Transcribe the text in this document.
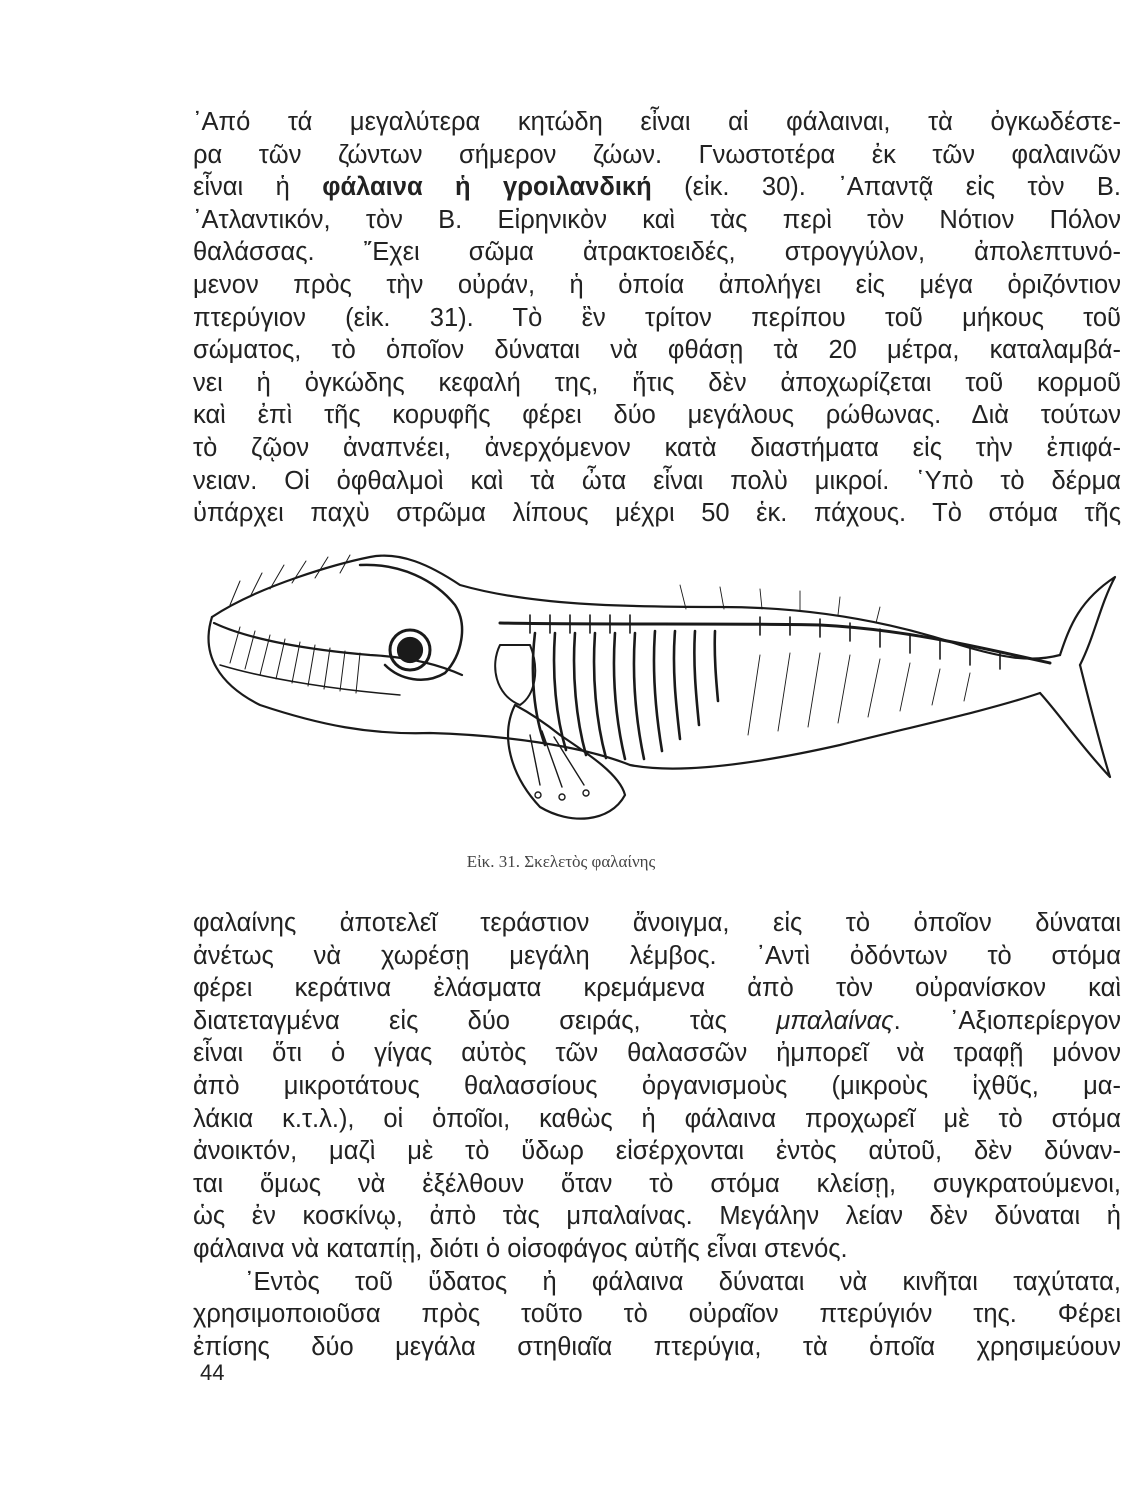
᾿Από τά μεγαλύτερα κητώδη εἶναι αἱ φάλαιναι, τὰ ὀγκωδέστε-
ρα τῶν ζώντων σήμερον ζώων. Γνωστοτέρα ἐκ τῶν φαλαινῶν
εἶναι ἡ φάλαινα ἡ γροιλανδική (εἰκ. 30). ᾿Απαντᾷ εἰς τὸν Β.
᾿Ατλαντικόν, τὸν Β. Εἰρηνικὸν καὶ τὰς περὶ τὸν Νότιον Πόλον
θαλάσσας. ῎Εχει σῶμα ἀτρακτοειδές, στρογγύλον, ἀπολεπτυνό-
μενον πρὸς τὴν οὐράν, ἡ ὁποία ἀπολήγει εἰς μέγα ὁριζόντιον
πτερύγιον (εἰκ. 31). Τὸ ἓν τρίτον περίπου τοῦ μήκους τοῦ
σώματος, τὸ ὁποῖον δύναται νὰ φθάσῃ τὰ 20 μέτρα, καταλαμβά-
νει ἡ ὀγκώδης κεφαλή της, ἥτις δὲν ἀποχωρίζεται τοῦ κορμοῦ
καὶ ἐπὶ τῆς κορυφῆς φέρει δύο μεγάλους ρώθωνας. Διὰ τούτων
τὸ ζῷον ἀναπνέει, ἀνερχόμενον κατὰ διαστήματα εἰς τὴν ἐπιφά-
νειαν. Οἱ ὀφθαλμοὶ καὶ τὰ ὦτα εἶναι πολὺ μικροί. ῾Υπὸ τὸ δέρμα
ὑπάρχει παχὺ στρῶμα λίπους μέχρι 50 ἑκ. πάχους. Τὸ στόμα τῆς
Εἰκ. 31. Σκελετὸς φαλαίνης
φαλαίνης ἀποτελεῖ τεράστιον ἄνοιγμα, εἰς τὸ ὁποῖον δύναται
ἀνέτως νὰ χωρέσῃ μεγάλη λέμβος. ᾿Αντὶ ὀδόντων τὸ στόμα
φέρει κεράτινα ἐλάσματα κρεμάμενα ἀπὸ τὸν οὐρανίσκον καὶ
διατεταγμένα εἰς δύο σειράς, τὰς μπαλαίνας. ᾿Αξιοπερίεργον
εἶναι ὅτι ὁ γίγας αὐτὸς τῶν θαλασσῶν ἠμπορεῖ νὰ τραφῇ μόνον
ἀπὸ μικροτάτους θαλασσίους ὀργανισμοὺς (μικροὺς ἰχθῦς, μα-
λάκια κ.τ.λ.), οἱ ὁποῖοι, καθὼς ἡ φάλαινα προχωρεῖ μὲ τὸ στόμα
ἀνοικτόν, μαζὶ μὲ τὸ ὕδωρ εἰσέρχονται ἐντὸς αὐτοῦ, δὲν δύναν-
ται ὅμως νὰ ἐξέλθουν ὅταν τὸ στόμα κλείσῃ, συγκρατούμενοι,
ὡς ἐν κοσκίνῳ, ἀπὸ τὰς μπαλαίνας. Μεγάλην λείαν δὲν δύναται ἡ
φάλαινα νὰ καταπίῃ, διότι ὁ οἰσοφάγος αὐτῆς εἶναι στενός.
᾿Εντὸς τοῦ ὕδατος ἡ φάλαινα δύναται νὰ κινῆται ταχύτατα,
χρησιμοποιοῦσα πρὸς τοῦτο τὸ οὐραῖον πτερύγιόν της. Φέρει
ἐπίσης δύο μεγάλα στηθιαῖα πτερύγια, τὰ ὁποῖα χρησιμεύουν
44
